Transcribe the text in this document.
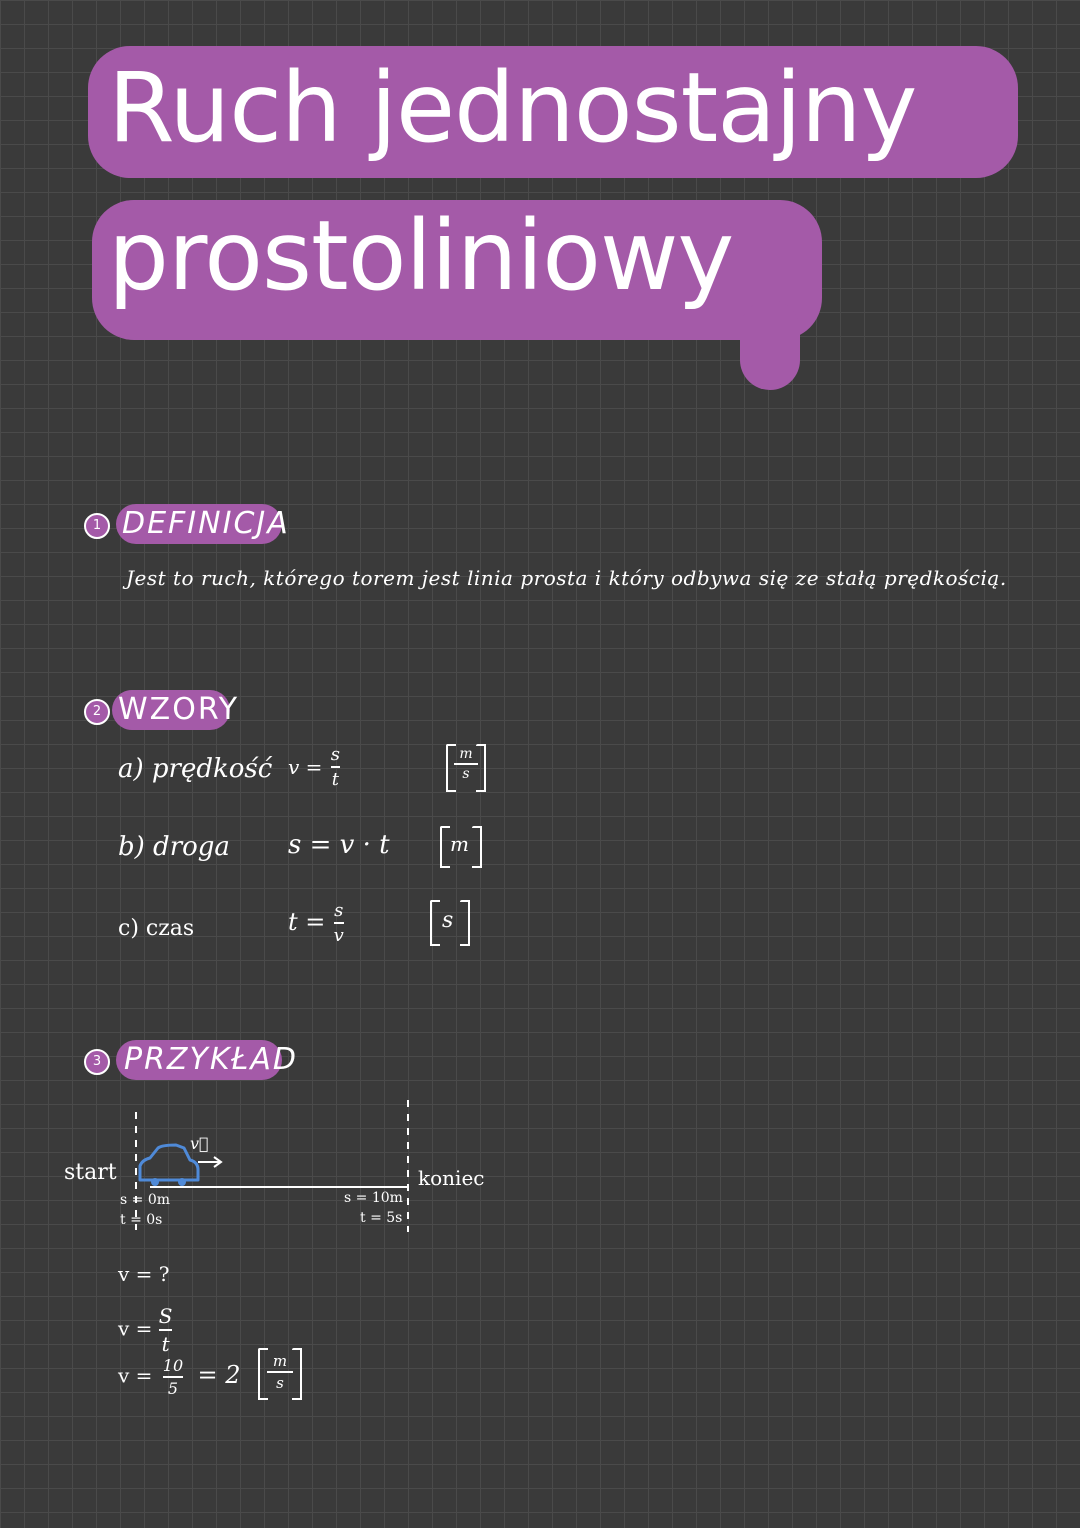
Ruch jednostajny
prostoliniowy
1 DEFINICJA
Jest to ruch, którego torem jest linia prosta i który odbywa się ze stałą prędkością.
2 WZORY
a) prędkość $v = \frac{s}{t}$	m
s
b) droga s = v · t	m
c) czas	$t = \frac{s}{v}$	s
3 PRZYKŁAD
v⃗
start	koniec
s = 0m
t = 0s
s = 10m
t = 5s
v = ?
$v = \frac{S}{t}$
$v = \frac{10}{5} = 2$ m
s
